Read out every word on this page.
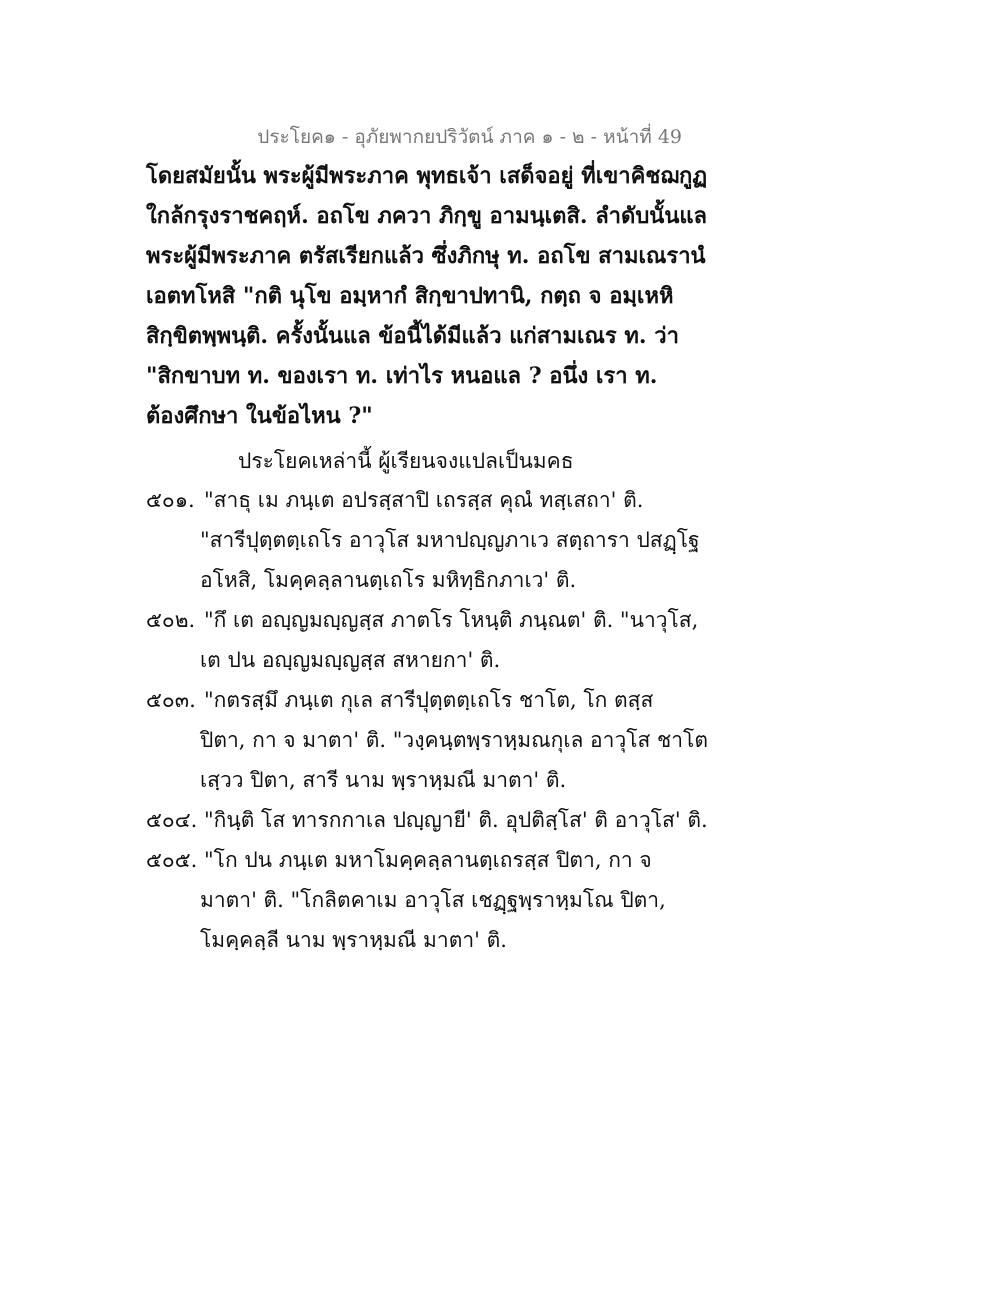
ประโยค๑ - อุภัยพากยปริวัตน์ ภาค ๑ - ๒ - หน้าที่ 49
โดยสมัยนั้น พระผู้มีพระภาค พุทธเจ้า เสด็จอยู่ ที่เขาคิชฌกูฏ
ใกล้กรุงราชคฤห์. อถโข ภควา ภิกฺขู อามนฺเตสิ. ลำดับนั้นแล
พระผู้มีพระภาค ตรัสเรียกแล้ว ซึ่งภิกษุ ท. อถโข สามเณรานํ
เอตทโหสิ "กติ นุโข อมฺหากํ สิกฺขาปทานิ, กตฺถ จ อมฺเหหิ
สิกฺขิตพฺพนฺติ. ครั้งนั้นแล ข้อนี้ได้มีแล้ว แก่สามเณร ท. ว่า
"สิกขาบท ท. ของเรา ท. เท่าไร หนอแล ? อนึ่ง เรา ท.
ต้องศึกษา ในข้อไหน ?"
ประโยคเหล่านี้ ผู้เรียนจงแปลเป็นมคธ
๕๐๑. "สาธุ เม ภนฺเต อปรสฺสาปิ เถรสฺส คุณํ ทสฺเสถา' ติ.
"สารีปุตฺตตฺเถโร อาวุโส มหาปญฺญภาเว สตฺถารา ปสฏฺโฐ
อโหสิ, โมคฺคลฺลานตฺเถโร มหิทฺธิกภาเว' ติ.
๕๐๒. "กึ เต อญฺญมญฺญสฺส ภาตโร โหนฺติ ภนฺณต' ติ. "นาวุโส,
เต ปน อญฺญมญฺญสฺส สหายกา' ติ.
๕๐๓. "กตรสฺมึ ภนฺเต กุเล สารีปุตฺตตฺเถโร ชาโต, โก ตสฺส
ปิตา, กา จ มาตา' ติ. "วงฺคนฺตพฺราหฺมณกุเล อาวุโส ชาโต
เสฺวว ปิตา, สารี นาม พฺราหฺมณี มาตา' ติ.
๕๐๔. "กินฺติ โส ทารกกาเล ปญฺญายี' ติ. อุปติสฺโส' ติ อาวุโส' ติ.
๕๐๕. "โก ปน ภนฺเต มหาโมคฺคลฺลานตฺเถรสฺส ปิตา, กา จ
มาตา' ติ. "โกลิตคาเม อาวุโส เชฏฺฐพฺราหฺมโณ ปิตา,
โมคฺคลฺลี นาม พฺราหฺมณี มาตา' ติ.
